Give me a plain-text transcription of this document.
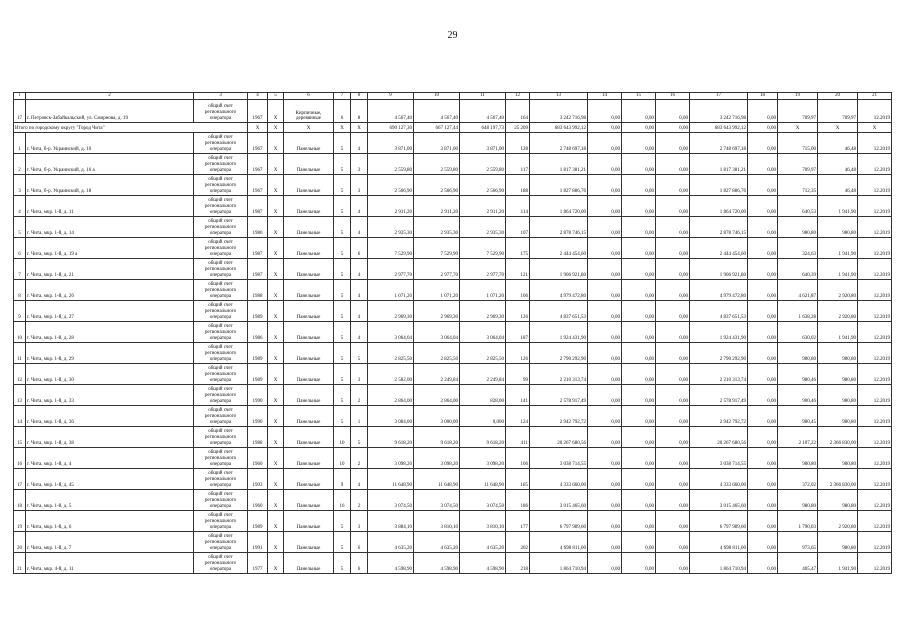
29
1	2	3	4	5	6	7	8	9	10	11	12	13	14	15	16	17	18	19	20	21
17	г. Петровск-Забайкальский, ул. Смирнова, д. 19	общий счет
регионального
оператора	1967	X	Кирпичные, деревянные	6	8	4 567,40	4 567,40	4 567,40	164	3 242 716,98	0,00	0,00	0,00	3 242 716,98	0,00	709,97	709,97	12.2019
Итого по городскому округу "Город Чита"			X	X	X	X	X	690 127,30	667 127,44	648 197,73	25 209	683 643 992,12	0,00	0,00	0,00	683 643 992,12	0,00	X	X	X
1	г. Чита, б-р. Украинский, д. 10	общий счет
регионального
оператора	1967	X	Панельные	5	4	3 871,00	3 871,00	3 871,00	128	2 748 697,18	0,00	0,00	0,00	2 748 697,18	0,00	715,00	46,48	12.2019
2	г. Чита, б-р. Украинский, д. 16 а	общий счет
регионального
оператора	1967	X	Панельные	5	3	2 559,80	2 559,80	2 559,80	117	1 817 381,21	0,00	0,00	0,00	1 817 381,21	0,00	709,97	46,48	12.2019
3	г. Чита, б-р. Украинский, д. 18	общий счет
регионального
оператора	1967	X	Панельные	5	3	2 566,90	2 566,90	2 566,90	188	1 827 886,76	0,00	0,00	0,00	1 827 886,76	0,00	712,35	46,48	12.2019
4	г. Чита, мкр. 1-й, д. 11	общий счет
регионального
оператора	1987	X	Панельные	5	4	2 911,20	2 911,20	2 911,20	114	1 864 720,00	0,00	0,00	0,00	1 864 720,00	0,00	640,53	1 941,90	12.2019
5	г. Чита, мкр. 1-й, д. 14	общий счет
регионального
оператора	1986	X	Панельные	5	4	2 935,30	2 935,30	2 935,30	107	2 878 746,15	0,00	0,00	0,00	2 878 746,15	0,00	980,80	980,80	12.2019
6	г. Чита, мкр. 1-й, д. 19 а	общий счет
регионального
оператора	1987	X	Панельные	5	6	7 529,90	7 529,90	7 529,90	175	2 444 454,60	0,00	0,00	0,00	2 444 454,60	0,00	324,63	1 941,90	12.2019
7	г. Чита, мкр. 1-й, д. 21	общий счет
регионального
оператора	1987	X	Панельные	5	4	2 977,70	2 977,70	2 977,70	121	1 906 921,80	0,00	0,00	0,00	1 906 921,80	0,00	640,39	1 941,90	12.2019
8	г. Чита, мкр. 1-й, д. 26	общий счет
регионального
оператора	1988	X	Панельные	5	4	1 071,20	1 071,20	1 071,20	106	4 979 472,80	0,00	0,00	0,00	4 979 472,80	0,00	4 621,87	2 920,80	12.2019
9	г. Чита, мкр. 1-й, д. 27	общий счет
регионального
оператора	1989	X	Панельные	5	4	2 969,30	2 969,30	2 969,30	126	4 837 651,53	0,00	0,00	0,00	4 837 651,53	0,00	1 638,28	2 920,80	12.2019
10	г. Чита, мкр. 1-й, д. 28	общий счет
регионального
оператора	1986	X	Панельные	5	4	3 064,04	3 064,04	3 064,04	187	1 924 431,90	0,00	0,00	0,00	1 924 431,90	0,00	630,02	1 941,90	12.2019
11	г. Чита, мкр. 1-й, д. 29	общий счет
регионального
оператора	1989	X	Панельные	5	5	2 825,50	2 825,50	2 825,50	126	2 790 292,90	0,00	0,00	0,00	2 790 292,90	0,00	980,80	980,80	12.2019
12	г. Чита, мкр. 1-й, д. 30	общий счет
регионального
оператора	1989	X	Панельные	5	3	2 582,00	2 249,84	2 249,84	99	2 210 313,74	0,00	0,00	0,00	2 210 313,74	0,00	980,46	980,80	12.2019
13	г. Чита, мкр. 1-й, д. 33	общий счет
регионального
оператора	1990	X	Панельные	5	2	2 864,00	2 864,00	828,00	141	2 578 917,49	0,00	0,00	0,00	2 578 917,49	0,00	900,46	980,80	12.2019
14	г. Чита, мкр. 1-й, д. 36	общий счет
регионального
оператора	1990	X	Панельные	5	1	3 084,00	3 000,00	0,000	124	2 942 792,72	0,00	0,00	0,00	2 942 792,72	0,00	980,45	980,80	12.2019
15	г. Чита, мкр. 1-й, д. 38	общий счет
регионального
оператора	1988	X	Панельные	10	5	9 618,20	9 618,20	9 618,20	411	20 267 680,56	0,00	0,00	0,00	20 267 680,56	0,00	2 107,22	2 366 830,00	12.2019
16	г. Чита, мкр. 1-й, д. 4	общий счет
регионального
оператора	1960	X	Панельные	10	2	3 098,20	3 098,20	3 098,20	106	3 038 714,55	0,00	0,00	0,00	3 038 714,55	0,00	980,80	980,80	12.2019
17	г. Чита, мкр. 1-й, д. 45	общий счет
регионального
оператора	1993	X	Панельные	9	4	11 648,90	11 648,90	11 648,90	185	4 333 660,00	0,00	0,00	0,00	4 333 660,00	0,00	372,02	2 366 830,00	12.2019
18	г. Чита, мкр. 1-й, д. 5	общий счет
регионального
оператора	1960	X	Панельные	16	2	3 074,50	3 074,50	3 074,50	186	3 015 465,60	0,00	0,00	0,00	3 015 465,60	0,00	980,80	980,80	12.2019
19	г. Чита, мкр. 1-й, д. 6	общий счет
регионального
оператора	1989	X	Панельные	5	3	3 884,10	3 810,10	3 810,10	177	6 797 989,60	0,00	0,00	0,00	6 797 989,60	0,00	1 790,03	2 920,80	12.2019
20	г. Чита, мкр. 1-й, д. 7	общий счет
регионального
оператора	1991	X	Панельные	5	6	4 635,20	4 635,20	4 635,20	202	4 698 811,00	0,00	0,00	0,00	4 698 811,00	0,00	973,65	980,80	12.2019
21	г. Чита, мкр. 4-й, д. 11	общий счет
регионального
оператора	1977	X	Панельные	5	6	4 598,90	4 598,90	4 598,90	218	1 864 710,94	0,00	0,00	0,00	1 864 710,94	0,00	405,47	1 941,90	12.2019
